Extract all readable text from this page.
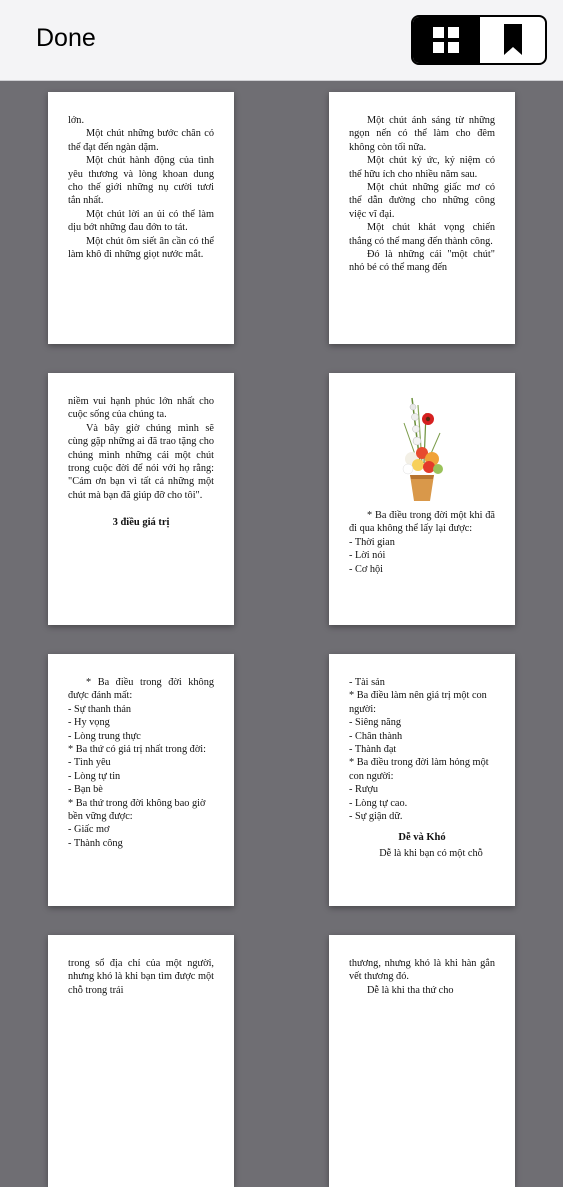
Done

lớn.

Một chút những bước chân có thể đạt đến ngàn dặm.

Một chút hành động của tình yêu thương và lòng khoan dung cho thế giới những nụ cười tươi tắn nhất.

Một chút lời an ủi có thể làm dịu bớt những đau đớn to tát.

Một chút ôm siết ân cần có thể làm khô đi những giọt nước mắt.

Một chút ánh sáng từ những ngọn nến có thể làm cho đêm không còn tối nữa.

Một chút ký ức, kỷ niệm có thể hữu ích cho nhiều năm sau.

Một chút những giấc mơ có thể dẫn đường cho những công việc vĩ đại.

Một chút khát vọng chiến thắng có thể mang đến thành công.

Đó là những cái "một chút" nhỏ bé có thể mang đến

niềm vui hạnh phúc lớn nhất cho cuộc sống của chúng ta.

Và bây giờ chúng mình sẽ cùng gặp những ai đã trao tặng cho chúng mình những cái một chút trong cuộc đời để nói với họ rằng: "Cám ơn bạn vì tất cả những một chút mà bạn đã giúp đỡ cho tôi".

3 điều giá trị

* Ba điều trong đời một khi đã đi qua không thể lấy lại được:

- Thời gian

- Lời nói

- Cơ hội

* Ba điều trong đời không được đánh mất:

- Sự thanh thản

- Hy vọng

- Lòng trung thực

* Ba thứ có giá trị nhất trong đời:

- Tình yêu

- Lòng tự tin

- Bạn bè

* Ba thứ trong đời không bao giờ bền vững được:

- Giấc mơ

- Thành công

- Tài sản

* Ba điều làm nên giá trị một con người:

- Siêng năng

- Chân thành

- Thành đạt

* Ba điều trong đời làm hỏng một con người:

- Rượu

- Lòng tự cao.

- Sự giận dữ.

Dễ và Khó

Dễ là khi bạn có một chỗ

trong sổ địa chỉ của một người, nhưng khó là khi bạn tìm được một chỗ trong trái

thương, nhưng khó là khi hàn gắn vết thương đó.

Dễ là khi tha thứ cho
